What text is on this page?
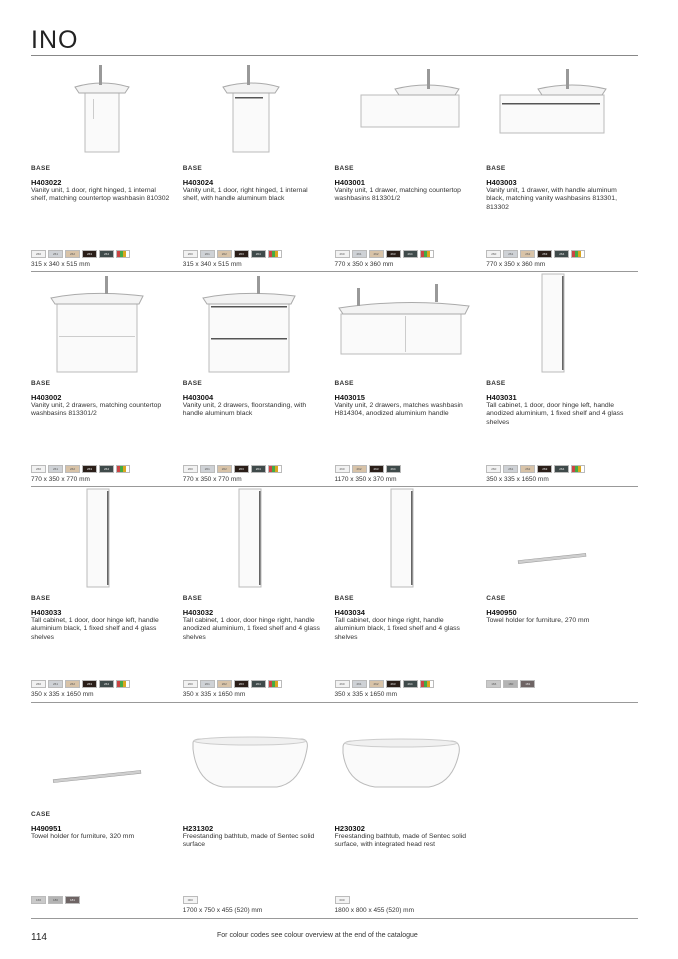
INO
BASE
H403022
Vanity unit, 1 door, right hinged, 1 internal shelf, matching countertop washbasin 810302
315 x 340 x 515 mm
260	261	262	263	264
BASE
H403024
Vanity unit, 1 door, right hinged, 1 internal shelf, with handle aluminum black
315 x 340 x 515 mm
260	261	262	263	264
BASE
H403001
Vanity unit, 1 drawer, matching countertop washbasins 813301/2
770 x 350 x 360 mm
260	261	262	263	264
BASE
H403003
Vanity unit, 1 drawer, with handle aluminum black, matching vanity washbasins 813301, 813302
770 x 350 x 360 mm
260	261	262	263	264
BASE
H403002
Vanity unit, 2 drawers, matching countertop washbasins 813301/2
770 x 350 x 770 mm
260	261	262	263	264
BASE
H403004
Vanity unit, 2 drawers, floorstanding, with handle aluminum black
770 x 350 x 770 mm
260	261	262	263	264
BASE
H403015
Vanity unit, 2 drawers, matches washbasin H814304, anodized aluminium handle
1170 x 350 x 370 mm
260	262	263	264
BASE
H403031
Tall cabinet, 1 door, door hinge left, handle anodized aluminium, 1 fixed shelf and 4 glass shelves
350 x 335 x 1650 mm
260	261	262	263	264
BASE
H403033
Tall cabinet, 1 door, door hinge left, handle aluminium black, 1 fixed shelf and 4 glass shelves
350 x 335 x 1650 mm
260	261	262	263	264
BASE
H403032
Tall cabinet, 1 door, door hinge right, handle anodized aluminium, 1 fixed shelf and 4 glass shelves
350 x 335 x 1650 mm
260	261	262	263	264
BASE
H403034
Tall cabinet, door hinge right, handle aluminium black, 1 fixed shelf and 4 glass shelves
350 x 335 x 1650 mm
260	261	262	263	264
CASE
H490950
Towel holder for furniture, 270 mm
166	180	181
CASE
H490951
Towel holder for furniture, 320 mm
166	180	181
H231302
Freestanding bathtub, made of Sentec solid surface
1700 x 750 x 455 (520) mm
000
H230302
Freestanding bathtub, made of Sentec solid surface, with integrated head rest
1800 x 800 x 455 (520) mm
000
114	For colour codes see colour overview at the end of the catalogue
